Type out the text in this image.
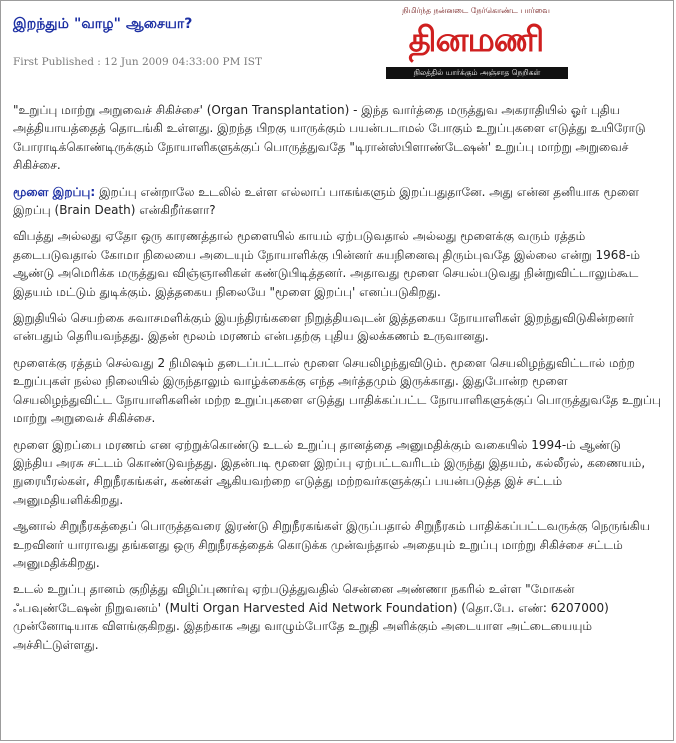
இறந்தும் "வாழ" ஆசையா?
First Published : 12 Jun 2009 04:33:00 PM IST
நிமிர்ந்த நன்னடை நேர்கொண்ட பார்வை
தினமணி
நிலத்தில் யார்க்கும் அஞ்சாத நெறிகள்

"உறுப்பு மாற்று அறுவைச் சிகிச்சை' (Organ Transplantation) - இந்த வார்த்தை மருத்துவ அகராதியில் ஓர் புதிய அத்தியாயத்தைத் தொடங்கி உள்ளது. இறந்த பிறகு யாருக்கும் பயன்படாமல் போகும் உறுப்புகளை எடுத்து உயிரோடு போராடிக்கொண்டிருக்கும் நோயாளிகளுக்குப் பொருத்துவதே "டிரான்ஸ்பிளாண்டேஷன்' உறுப்பு மாற்று அறுவைச் சிகிச்சை.

மூளை இறப்பு: இறப்பு என்றாலே உடலில் உள்ள எல்லாப் பாகங்களும் இறப்பதுதானே. அது என்ன தனியாக மூளை இறப்பு (Brain Death) என்கிறீர்களா?

விபத்து அல்லது ஏதோ ஒரு காரணத்தால் மூளையில் காயம் ஏற்படுவதால் அல்லது மூளைக்கு வரும் ரத்தம் தடைபடுவதால் கோமா நிலையை அடையும் நோயாளிக்கு பின்னர் சுயநினைவு திரும்புவதே இல்லை என்று 1968-ம் ஆண்டு அமெரிக்க மருத்துவ விஞ்ஞானிகள் கண்டுபிடித்தனர். அதாவது மூளை செயல்படுவது நின்றுவிட்டாலும்கூட இதயம் மட்டும் துடிக்கும். இத்தகைய நிலையே "மூளை இறப்பு' எனப்படுகிறது.

இறுதியில் செயற்கை சுவாசமளிக்கும் இயந்திரங்களை நிறுத்தியவுடன் இத்தகைய நோயாளிகள் இறந்துவிடுகின்றனர் என்பதும் தெரியவந்தது. இதன் மூலம் மரணம் என்பதற்கு புதிய இலக்கணம் உருவானது.

மூளைக்கு ரத்தம் செல்வது 2 நிமிஷம் தடைப்பட்டால் மூளை செயலிழந்துவிடும். மூளை செயலிழந்துவிட்டால் மற்ற உறுப்புகள் நல்ல நிலையில் இருந்தாலும் வாழ்க்கைக்கு எந்த அர்த்தமும் இருக்காது. இதுபோன்ற மூளை செயலிழந்துவிட்ட நோயாளிகளின் மற்ற உறுப்புகளை எடுத்து பாதிக்கப்பட்ட நோயாளிகளுக்குப் பொருத்துவதே உறுப்பு மாற்று அறுவைச் சிகிச்சை.

மூளை இறப்பை மரணம் என ஏற்றுக்கொண்டு உடல் உறுப்பு தானத்தை அனுமதிக்கும் வகையில் 1994-ம் ஆண்டு இந்திய அரசு சட்டம் கொண்டுவந்தது. இதன்படி மூளை இறப்பு ஏற்பட்டவரிடம் இருந்து இதயம், கல்லீரல், கணையம், நுரையீரல்கள், சிறுநீரகங்கள், கண்கள் ஆகியவற்றை எடுத்து மற்றவர்களுக்குப் பயன்படுத்த இச் சட்டம் அனுமதியளிக்கிறது.

ஆனால் சிறுநீரகத்தைப் பொருத்தவரை இரண்டு சிறுநீரகங்கள் இருப்பதால் சிறுநீரகம் பாதிக்கப்பட்டவருக்கு நெருங்கிய உறவினர் யாராவது தங்களது ஒரு சிறுநீரகத்தைக் கொடுக்க முன்வந்தால் அதையும் உறுப்பு மாற்று சிகிச்சை சட்டம் அனுமதிக்கிறது.

உடல் உறுப்பு தானம் குறித்து விழிப்புணர்வு ஏற்படுத்துவதில் சென்னை அண்ணா நகரில் உள்ள "மோகன் ஃபவுண்டேஷன் நிறுவனம்' (Multi Organ Harvested Aid Network Foundation) (தொ.பே. எண்: 6207000) முன்னோடியாக விளங்குகிறது. இதற்காக அது வாழும்போதே உறுதி அளிக்கும் அடையாள அட்டையையும் அச்சிட்டுள்ளது.
